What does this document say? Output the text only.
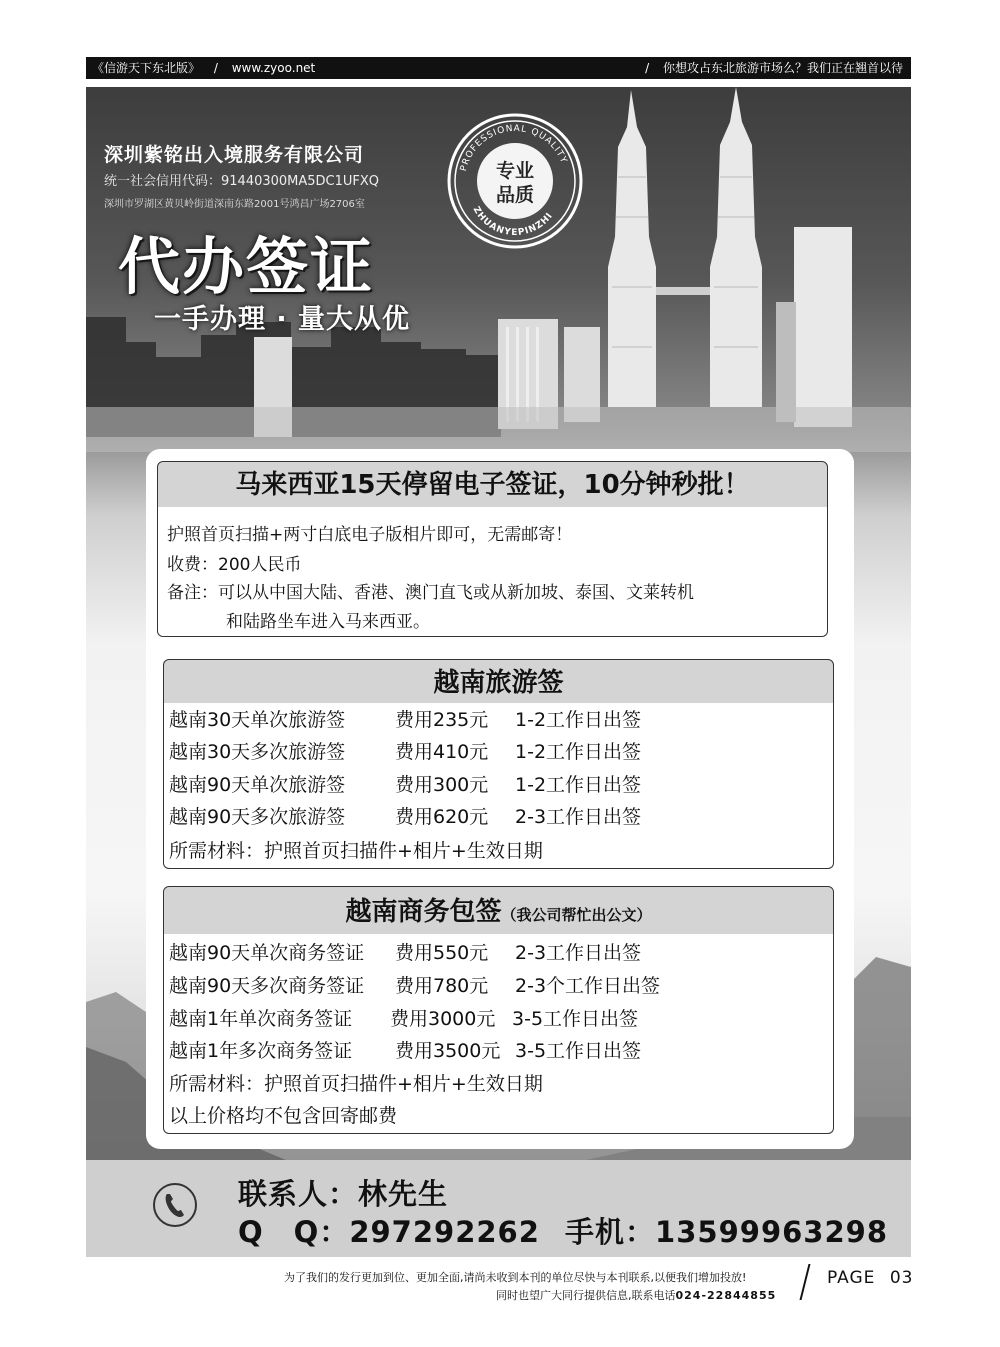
《信游天下东北版》 / www.zyoo.net	/ 你想攻占东北旅游市场么？我们正在翘首以待
深圳紫铭出入境服务有限公司
统一社会信用代码：91440300MA5DC1UFXQ
深圳市罗湖区黄贝岭街道深南东路2001号鸿昌广场2706室
代办签证
一手办理 · 量大从优
PROFESSIONAL QUALITY
ZHUANYEPINZHI
专业
品质
马来西亚15天停留电子签证，10分钟秒批！
护照首页扫描+两寸白底电子版相片即可，无需邮寄！
收费：200人民币
备注：可以从中国大陆、香港、澳门直飞或从新加坡、泰国、文莱转机
和陆路坐车进入马来西亚。
越南旅游签
越南30天单次旅游签	费用235元 1-2工作日出签
越南30天多次旅游签	费用410元 1-2工作日出签
越南90天单次旅游签	费用300元 1-2工作日出签
越南90天多次旅游签	费用620元 2-3工作日出签
所需材料：护照首页扫描件+相片+生效日期
越南商务包签（我公司帮忙出公文）
越南90天单次商务签证 费用550元 2-3工作日出签
越南90天多次商务签证 费用780元 2-3个工作日出签
越南1年单次商务签证 费用3000元 3-5工作日出签
越南1年多次商务签证 费用3500元 3-5工作日出签
所需材料：护照首页扫描件+相片+生效日期
以上价格均不包含回寄邮费
联系人：林先生
Q　Q：297292262 手机：13599963298
为了我们的发行更加到位、更加全面,请尚未收到本刊的单位尽快与本刊联系,以便我们增加投放!
同时也望广大同行提供信息,联系电话024-22844855
PAGE 03
